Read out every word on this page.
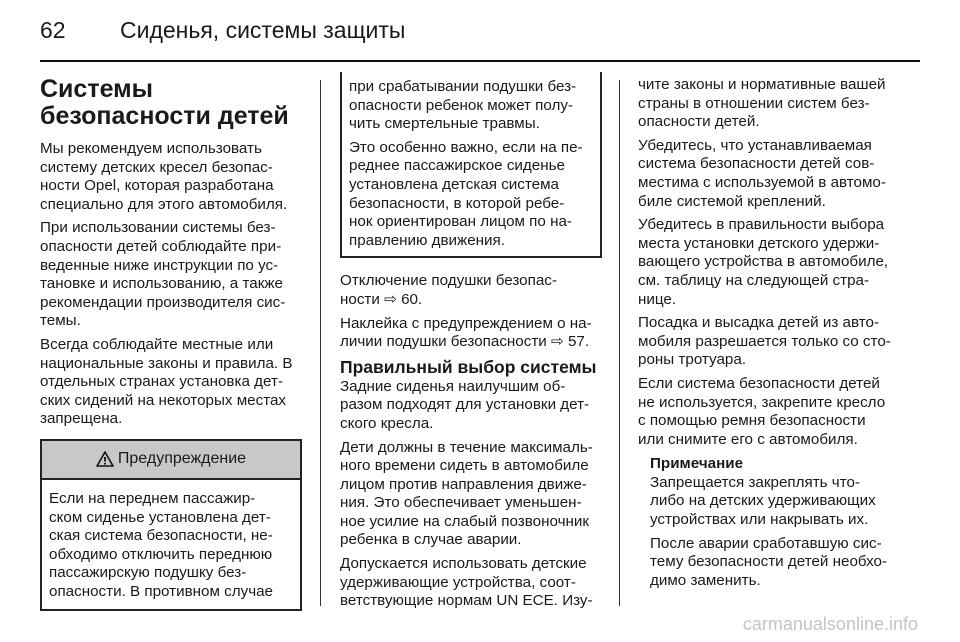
62	Сиденья, системы защиты
Системы
безопасности детей

Мы рекомендуем использовать
систему детских кресел безопас-
ности Opel, которая разработана
специально для этого автомобиля.

При использовании системы без-
опасности детей соблюдайте при-
веденные ниже инструкции по ус-
тановке и использованию, а также
рекомендации производителя сис-
темы.

Всегда соблюдайте местные или
национальные законы и правила. В
отдельных странах установка дет-
ских сидений на некоторых местах
запрещена.

Предупреждение

Если на переднем пассажир-
ском сиденье установлена дет-
ская система безопасности, не-
обходимо отключить переднюю
пассажирскую подушку без-
опасности. В противном случае

при срабатывании подушки без-
опасности ребенок может полу-
чить смертельные травмы.

Это особенно важно, если на пе-
реднее пассажирское сиденье
установлена детская система
безопасности, в которой ребе-
нок ориентирован лицом по на-
правлению движения.

Отключение подушки безопас-
ности ⇨ 60.

Наклейка с предупреждением о на-
личии подушки безопасности ⇨ 57.

Правильный выбор системы

Задние сиденья наилучшим об-
разом подходят для установки дет-
ского кресла.

Дети должны в течение максималь-
ного времени сидеть в автомобиле
лицом против направления движе-
ния. Это обеспечивает уменьшен-
ное усилие на слабый позвоночник
ребенка в случае аварии.

Допускается использовать детские
удерживающие устройства, соот-
ветствующие нормам UN ECE. Изу-

чите законы и нормативные вашей
страны в отношении систем без-
опасности детей.

Убедитесь, что устанавливаемая
система безопасности детей сов-
местима с используемой в автомо-
биле системой креплений.

Убедитесь в правильности выбора
места установки детского удержи-
вающего устройства в автомобиле,
см. таблицу на следующей стра-
нице.

Посадка и высадка детей из авто-
мобиля разрешается только со сто-
роны тротуара.

Если система безопасности детей
не используется, закрепите кресло
с помощью ремня безопасности
или снимите его с автомобиля.

Примечание

Запрещается закреплять что-
либо на детских удерживающих
устройствах или накрывать их.

После аварии сработавшую сис-
тему безопасности детей необхо-
димо заменить.

carmanualsonline.info
